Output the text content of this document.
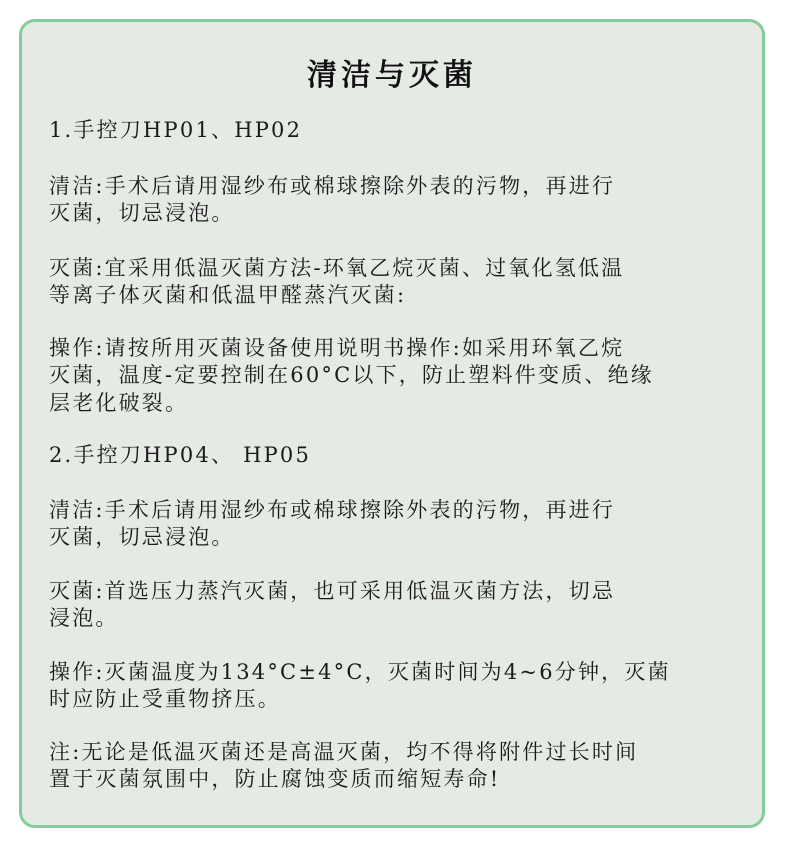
清洁与灭菌
1.手控刀HP01、HP02
清洁:手术后请用湿纱布或棉球擦除外表的污物，再进行
灭菌，切忌浸泡。
灭菌:宜采用低温灭菌方法-环氧乙烷灭菌、过氧化氢低温
等离子体灭菌和低温甲醛蒸汽灭菌:
操作:请按所用灭菌设备使用说明书操作:如采用环氧乙烷
灭菌，温度-定要控制在60°C以下，防止塑料件变质、绝缘
层老化破裂。
2.手控刀HP04、 HP05
清洁:手术后请用湿纱布或棉球擦除外表的污物，再进行
灭菌，切忌浸泡。
灭菌:首选压力蒸汽灭菌，也可采用低温灭菌方法，切忌
浸泡。
操作:灭菌温度为134°C±4°C，灭菌时间为4~6分钟，灭菌
时应防止受重物挤压。
注:无论是低温灭菌还是高温灭菌，均不得将附件过长时间
置于灭菌氛围中，防止腐蚀变质而缩短寿命!
